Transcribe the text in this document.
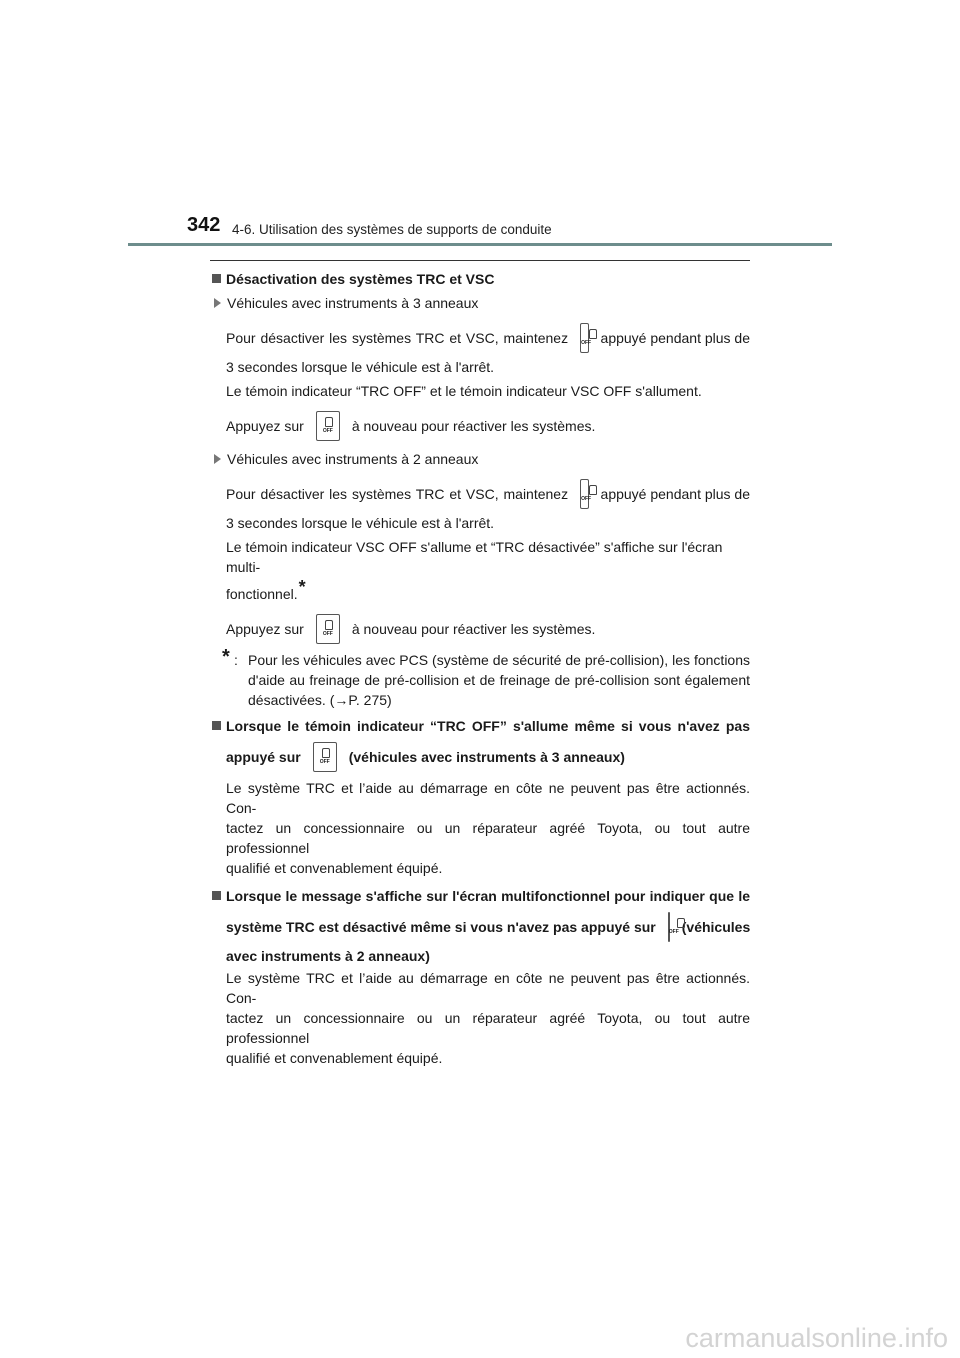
342 4-6. Utilisation des systèmes de supports de conduite
Désactivation des systèmes TRC et VSC
Véhicules avec instruments à 3 anneaux
Pour désactiver les systèmes TRC et VSC, maintenez	OFF appuyé pendant plus de
3 secondes lorsque le véhicule est à l'arrêt.
Le témoin indicateur “TRC OFF” et le témoin indicateur VSC OFF s'allument.
Appuyez sur	OFF	à nouveau pour réactiver les systèmes.
Véhicules avec instruments à 2 anneaux
Pour désactiver les systèmes TRC et VSC, maintenez	OFF appuyé pendant plus de
3 secondes lorsque le véhicule est à l'arrêt.
Le témoin indicateur VSC OFF s'allume et “TRC désactivée” s'affiche sur l'écran multi-
fonctionnel.*
Appuyez sur	OFF	à nouveau pour réactiver les systèmes.
* : Pour les véhicules avec PCS (système de sécurité de pré-collision), les fonctions
d'aide au freinage de pré-collision et de freinage de pré-collision sont également
désactivées. (→P. 275)
Lorsque le témoin indicateur “TRC OFF” s'allume même si vous n'avez pas
appuyé sur	OFF	(véhicules avec instruments à 3 anneaux)
Le système TRC et l’aide au démarrage en côte ne peuvent pas être actionnés. Con-
tactez un concessionnaire ou un réparateur agréé Toyota, ou tout autre professionnel
qualifié et convenablement équipé.
Lorsque le message s'affiche sur l'écran multifonctionnel pour indiquer que le
système TRC est désactivé même si vous n'avez pas appuyé sur	OFF (véhicules
avec instruments à 2 anneaux)
Le système TRC et l’aide au démarrage en côte ne peuvent pas être actionnés. Con-
tactez un concessionnaire ou un réparateur agréé Toyota, ou tout autre professionnel
qualifié et convenablement équipé.
carmanualsonline.info
